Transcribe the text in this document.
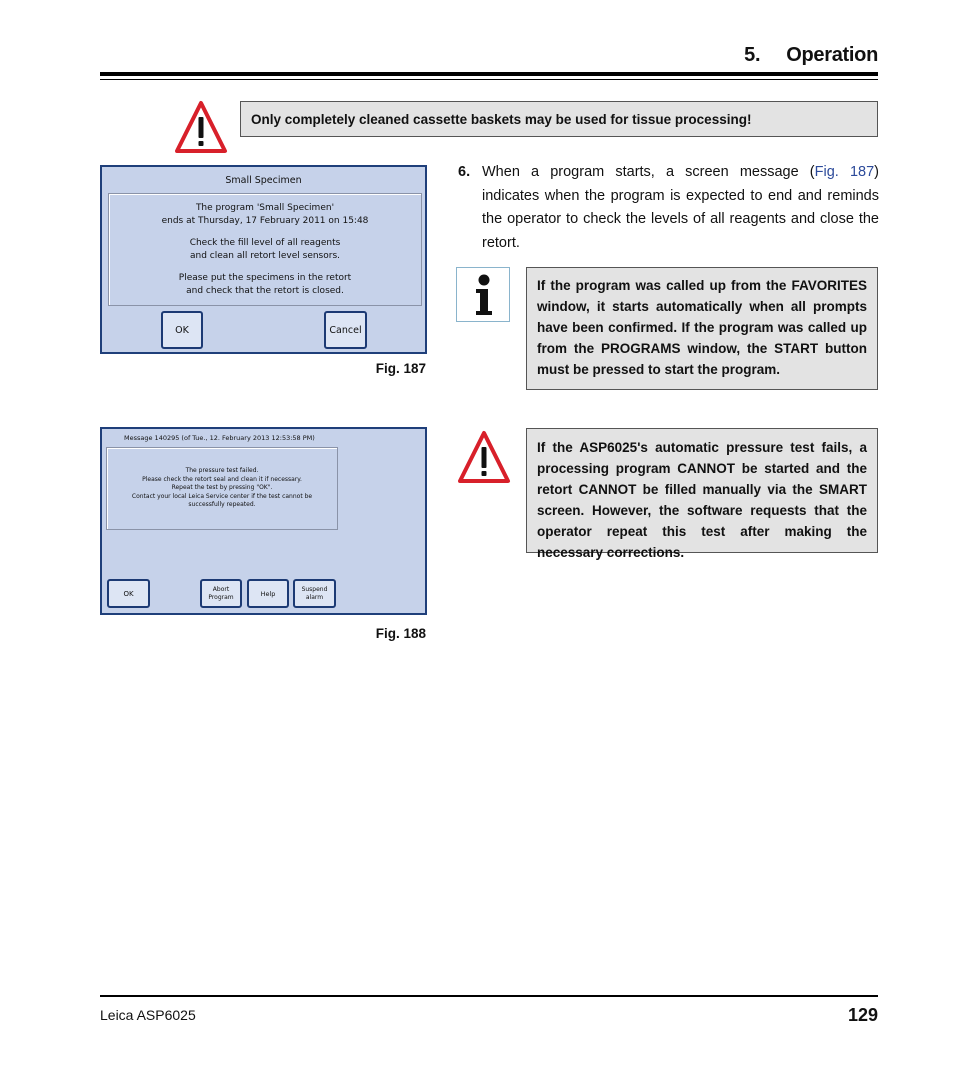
5. Operation
Only completely cleaned cassette baskets may be used for tissue processing!
Small Specimen
The program 'Small Specimen'
ends at Thursday, 17 February 2011 on 15:48
Check the fill level of all reagents
and clean all retort level sensors.
Please put the specimens in the retort
and check that the retort is closed.
OK	Cancel
Fig. 187
6. When a program starts, a screen message (Fig. 187) indicates when the program is expected to end and reminds the operator to check the levels of all reagents and close the retort.
If the program was called up from the FAVORITES window, it starts automatically when all prompts have been confirmed. If the program was called up from the PROGRAMS window, the START button must be pressed to start the program.
Message 140295 (of Tue., 12. February 2013 12:53:58 PM)
The pressure test failed.
Please check the retort seal and clean it if necessary.
Repeat the test by pressing "OK".
Contact your local Leica Service center if the test cannot be
successfully repeated.
OK
Abort
Program	Help
Suspend
alarm
Fig. 188
If the ASP6025's automatic pressure test fails, a processing program CANNOT be started and the retort CANNOT be filled manually via the SMART screen. However, the software requests that the operator repeat this test after making the necessary corrections.
Leica ASP6025	129
